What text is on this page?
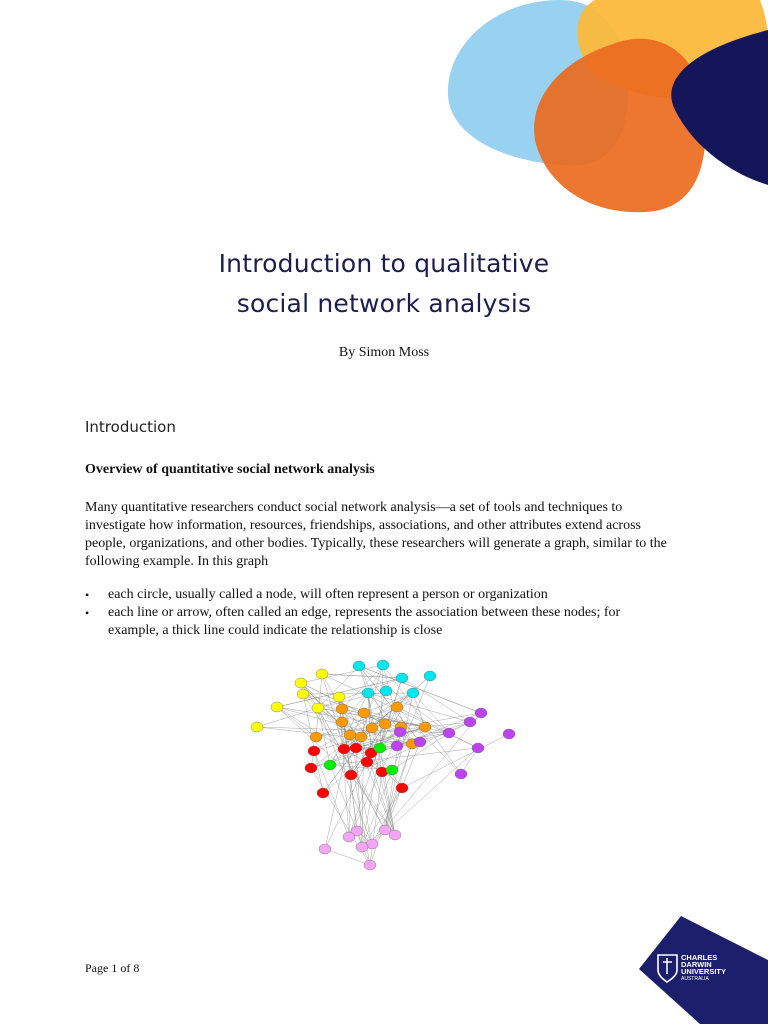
Introduction to qualitative
social network analysis
By Simon Moss
Introduction
Overview of quantitative social network analysis
Many quantitative researchers conduct social network analysis—a set of tools and techniques to
investigate how information, resources, friendships, associations, and other attributes extend across
people, organizations, and other bodies. Typically, these researchers will generate a graph, similar to the
following example. In this graph
• each circle, usually called a node, will often represent a person or organization
• each line or arrow, often called an edge, represents the association between these nodes; for
example, a thick line could indicate the relationship is close
Page 1 of 8
CHARLES
DARWIN
UNIVERSITY
AUSTRALIA
